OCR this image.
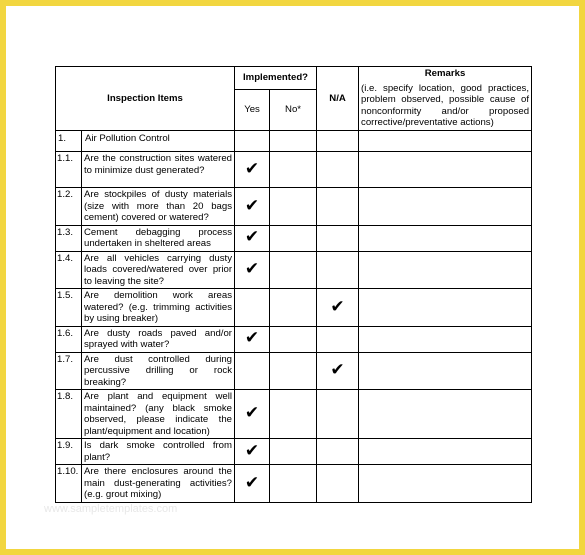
Inspection Items		Implemented?		N/A	Remarks
(i.e. specify location, good practices, problem observed, possible cause of nonconformity and/or proposed corrective/preventative actions)

		Yes	No*		
1.	Air Pollution Control				
1.1.	Are the construction sites watered to minimize dust generated?	✔			
1.2.	Are stockpiles of dusty materials (size with more than 20 bags cement) covered or watered?	✔			
1.3.	Cement debagging process undertaken in sheltered areas	✔			
1.4.	Are all vehicles carrying dusty loads covered/watered over prior to leaving the site?	✔			
1.5.	Are demolition work areas watered? (e.g. trimming activities by using breaker)			✔	
1.6.	Are dusty roads paved and/or sprayed with water?	✔			
1.7.	Are dust controlled during percussive drilling or rock breaking?			✔	
1.8.	Are plant and equipment well maintained? (any black smoke observed, please indicate the plant/equipment and location)	✔			
1.9.	Is dark smoke controlled from plant?	✔			
1.10.	Are there enclosures around the main dust-generating activities? (e.g. grout mixing)	✔			
www.sampletemplates.com
